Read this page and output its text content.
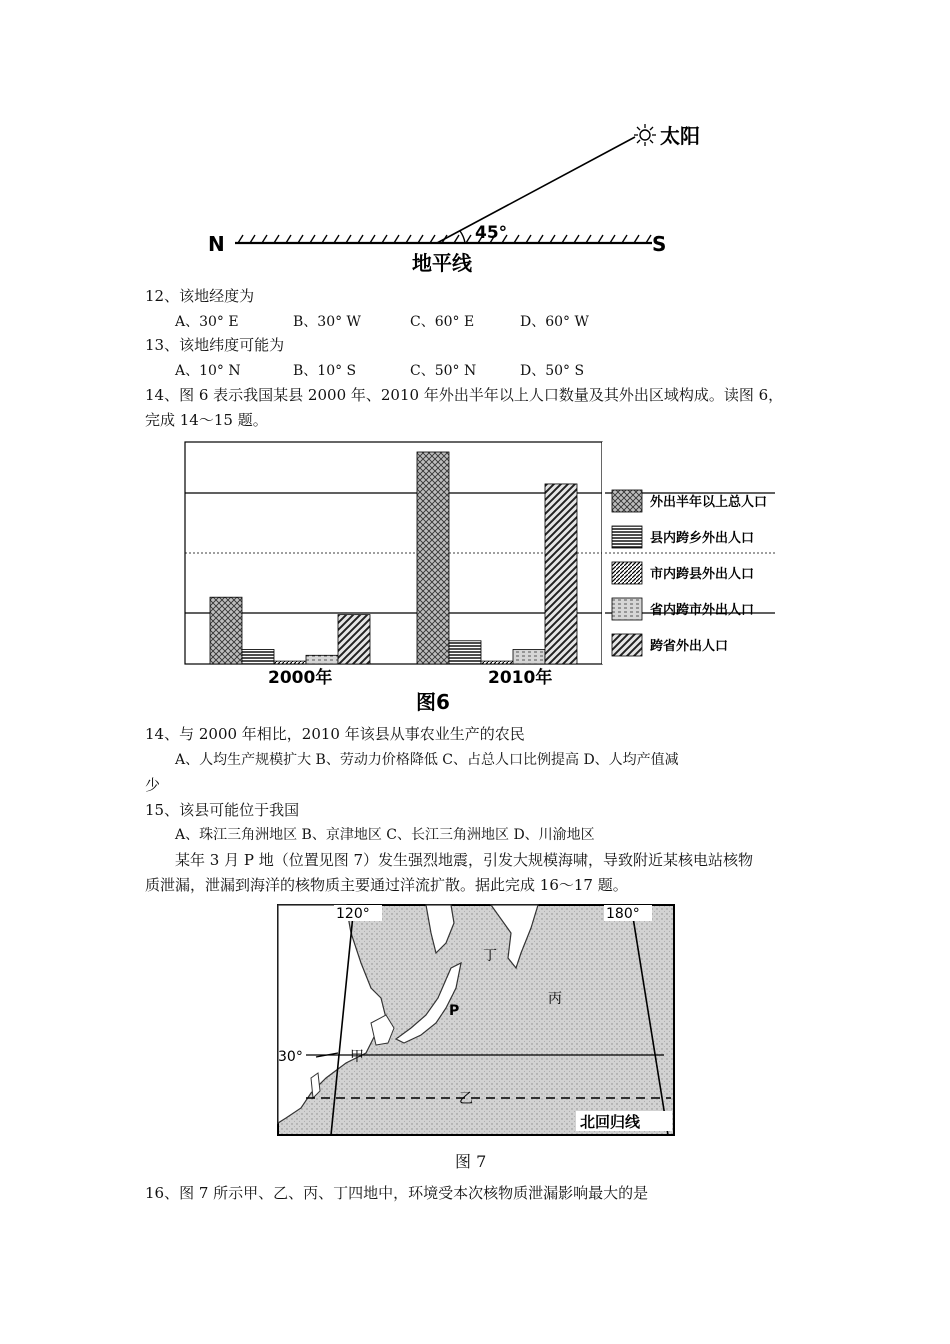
太阳
N	S
45°
地平线
12、该地经度为
A、30° E	B、30° W	C、60° E	D、60° W
13、该地纬度可能为
A、10° N	B、10° S	C、50° N	D、50° S
14、图 6 表示我国某县 2000 年、2010 年外出半年以上人口数量及其外出区域构成。读图 6，
完成 14～15 题。
外出半年以上总人口
县内跨乡外出人口
市内跨县外出人口
省内跨市外出人口
跨省外出人口
2000年	2010年
图6
14、与 2000 年相比，2010 年该县从事农业生产的农民
A、人均生产规模扩大 B、劳动力价格降低 C、占总人口比例提高 D、人均产值减
少
15、该县可能位于我国
A、珠江三角洲地区 B、京津地区 C、长江三角洲地区 D、川渝地区
某年 3 月 P 地（位置见图 7）发生强烈地震，引发大规模海啸，导致附近某核电站核物
质泄漏，泄漏到海洋的核物质主要通过洋流扩散。据此完成 16～17 题。
120°	180°
30°	甲
乙
丙
丁
P
北回归线
图 7
16、图 7 所示甲、乙、丙、丁四地中，环境受本次核物质泄漏影响最大的是
